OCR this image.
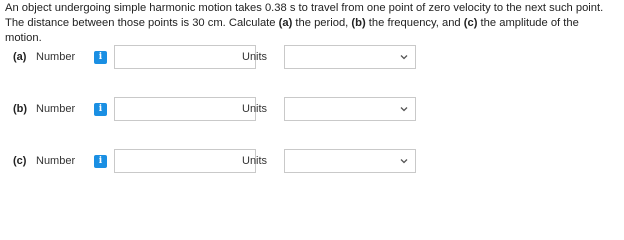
An object undergoing simple harmonic motion takes 0.38 s to travel from one point of zero velocity to the next such point. The distance between those points is 30 cm. Calculate (a) the period, (b) the frequency, and (c) the amplitude of the motion.
(a) Number	i	Units
(b) Number	i	Units
(c) Number	i	Units
